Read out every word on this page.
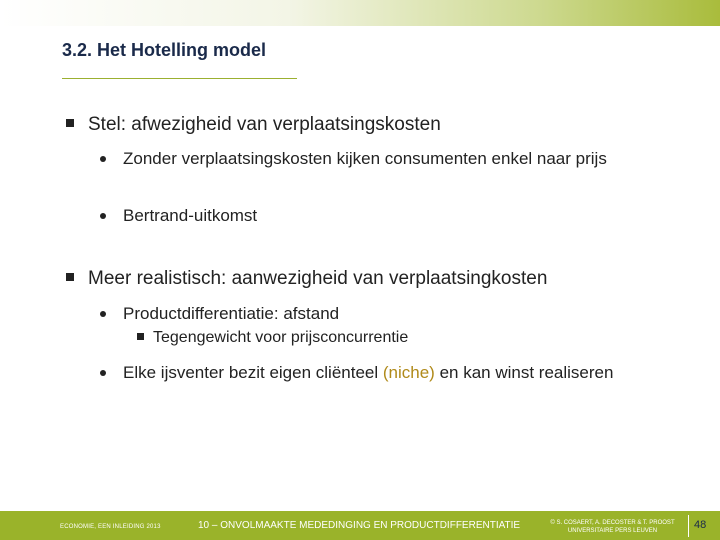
3.2. Het Hotelling model
Stel: afwezigheid van verplaatsingskosten
Zonder verplaatsingskosten kijken consumenten enkel naar prijs
Bertrand-uitkomst
Meer realistisch: aanwezigheid van verplaatsingkosten
Productdifferentiatie: afstand
Tegengewicht voor prijsconcurrentie
Elke ijsventer bezit eigen cliënteel (niche) en kan winst realiseren
ECONOMIE, EEN INLEIDING 2013	10 – ONVOLMAAKTE MEDEDINGING EN PRODUCTDIFFERENTIATIE	© S. COSAERT, A. DECOSTER & T. PROOST
UNIVERSITAIRE PERS LEUVEN	48
